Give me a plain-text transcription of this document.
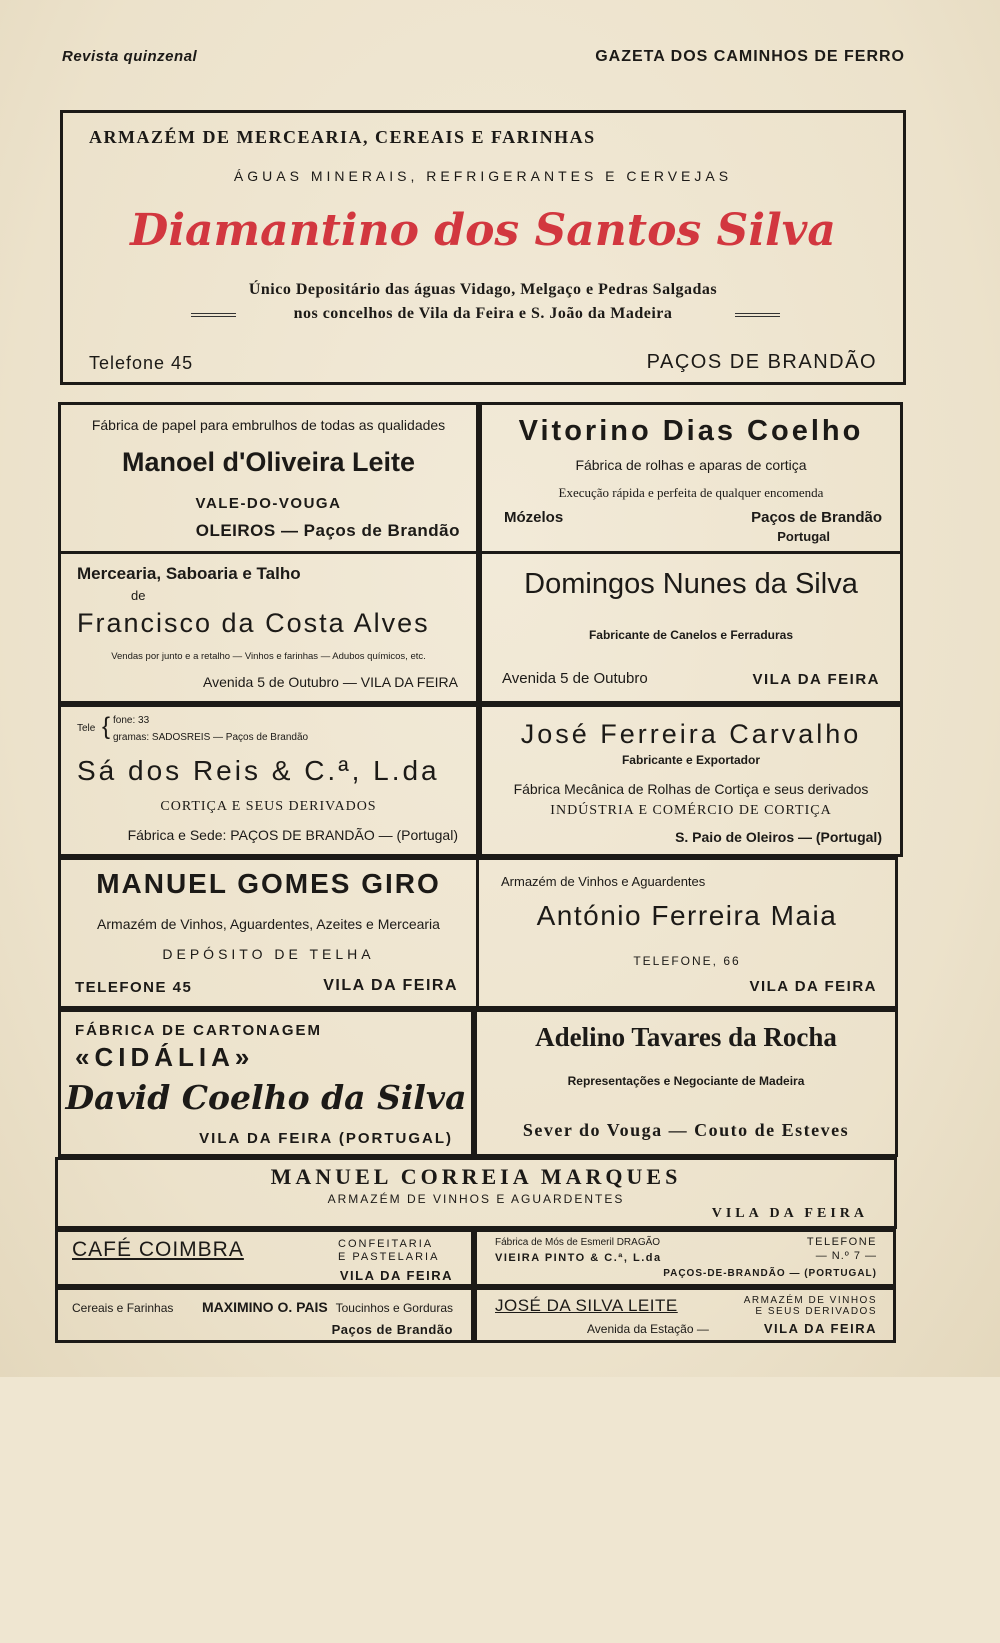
Revista quinzenal	GAZETA DOS CAMINHOS DE FERRO
ARMAZÉM DE MERCEARIA, CEREAIS E FARINHAS
ÁGUAS MINERAIS, REFRIGERANTES E CERVEJAS
Diamantino dos Santos Silva
Único Depositário das águas Vidago, Melgaço e Pedras Salgadas
nos concelhos de Vila da Feira e S. João da Madeira
Telefone 45	PAÇOS DE BRANDÃO
Fábrica de papel para embrulhos de todas as qualidades
Manoel d'Oliveira Leite
VALE-DO-VOUGA
OLEIROS — Paços de Brandão
Vitorino Dias Coelho
Fábrica de rolhas e aparas de cortiça
Execução rápida e perfeita de qualquer encomenda
Mózelos	Paços de Brandão
Portugal
Mercearia, Saboaria e Talho
de
Francisco da Costa Alves
Vendas por junto e a retalho — Vinhos e farinhas — Adubos químicos, etc.
Avenida 5 de Outubro — VILA DA FEIRA
Domingos Nunes da Silva
Fabricante de Canelos e Ferraduras
Avenida 5 de Outubro	VILA DA FEIRA
Tele { fone: 33
gramas: SADOSREIS — Paços de Brandão
Sá dos Reis & C.ª, L.da
CORTIÇA E SEUS DERIVADOS
Fábrica e Sede: PAÇOS DE BRANDÃO — (Portugal)
José Ferreira Carvalho
Fabricante e Exportador
Fábrica Mecânica de Rolhas de Cortiça e seus derivados
INDÚSTRIA E COMÉRCIO DE CORTIÇA
S. Paio de Oleiros — (Portugal)
MANUEL GOMES GIRO
Armazém de Vinhos, Aguardentes, Azeites e Mercearia
DEPÓSITO DE TELHA
TELEFONE 45	VILA DA FEIRA
Armazém de Vinhos e Aguardentes
António Ferreira Maia
TELEFONE, 66
VILA DA FEIRA
FÁBRICA DE CARTONAGEM
«CIDÁLIA»
David Coelho da Silva
VILA DA FEIRA (PORTUGAL)
Adelino Tavares da Rocha
Representações e Negociante de Madeira
Sever do Vouga — Couto de Esteves
MANUEL CORREIA MARQUES
ARMAZÉM DE VINHOS E AGUARDENTES
VILA DA FEIRA
CAFÉ COIMBRA	CONFEITARIA
E PASTELARIA
VILA DA FEIRA
Fábrica de Mós de Esmeril DRAGÃO
VIEIRA PINTO & C.ª, L.da
PAÇOS-DE-BRANDÃO — (PORTUGAL)
TELEFONE
— N.º 7 —
Cereais e Farinhas MAXIMINO O. PAIS Toucinhos e Gorduras
Paços de Brandão
JOSÉ DA SILVA LEITE	ARMAZÉM DE VINHOS
E SEUS DERIVADOS
Avenida da Estação —	VILA DA FEIRA
